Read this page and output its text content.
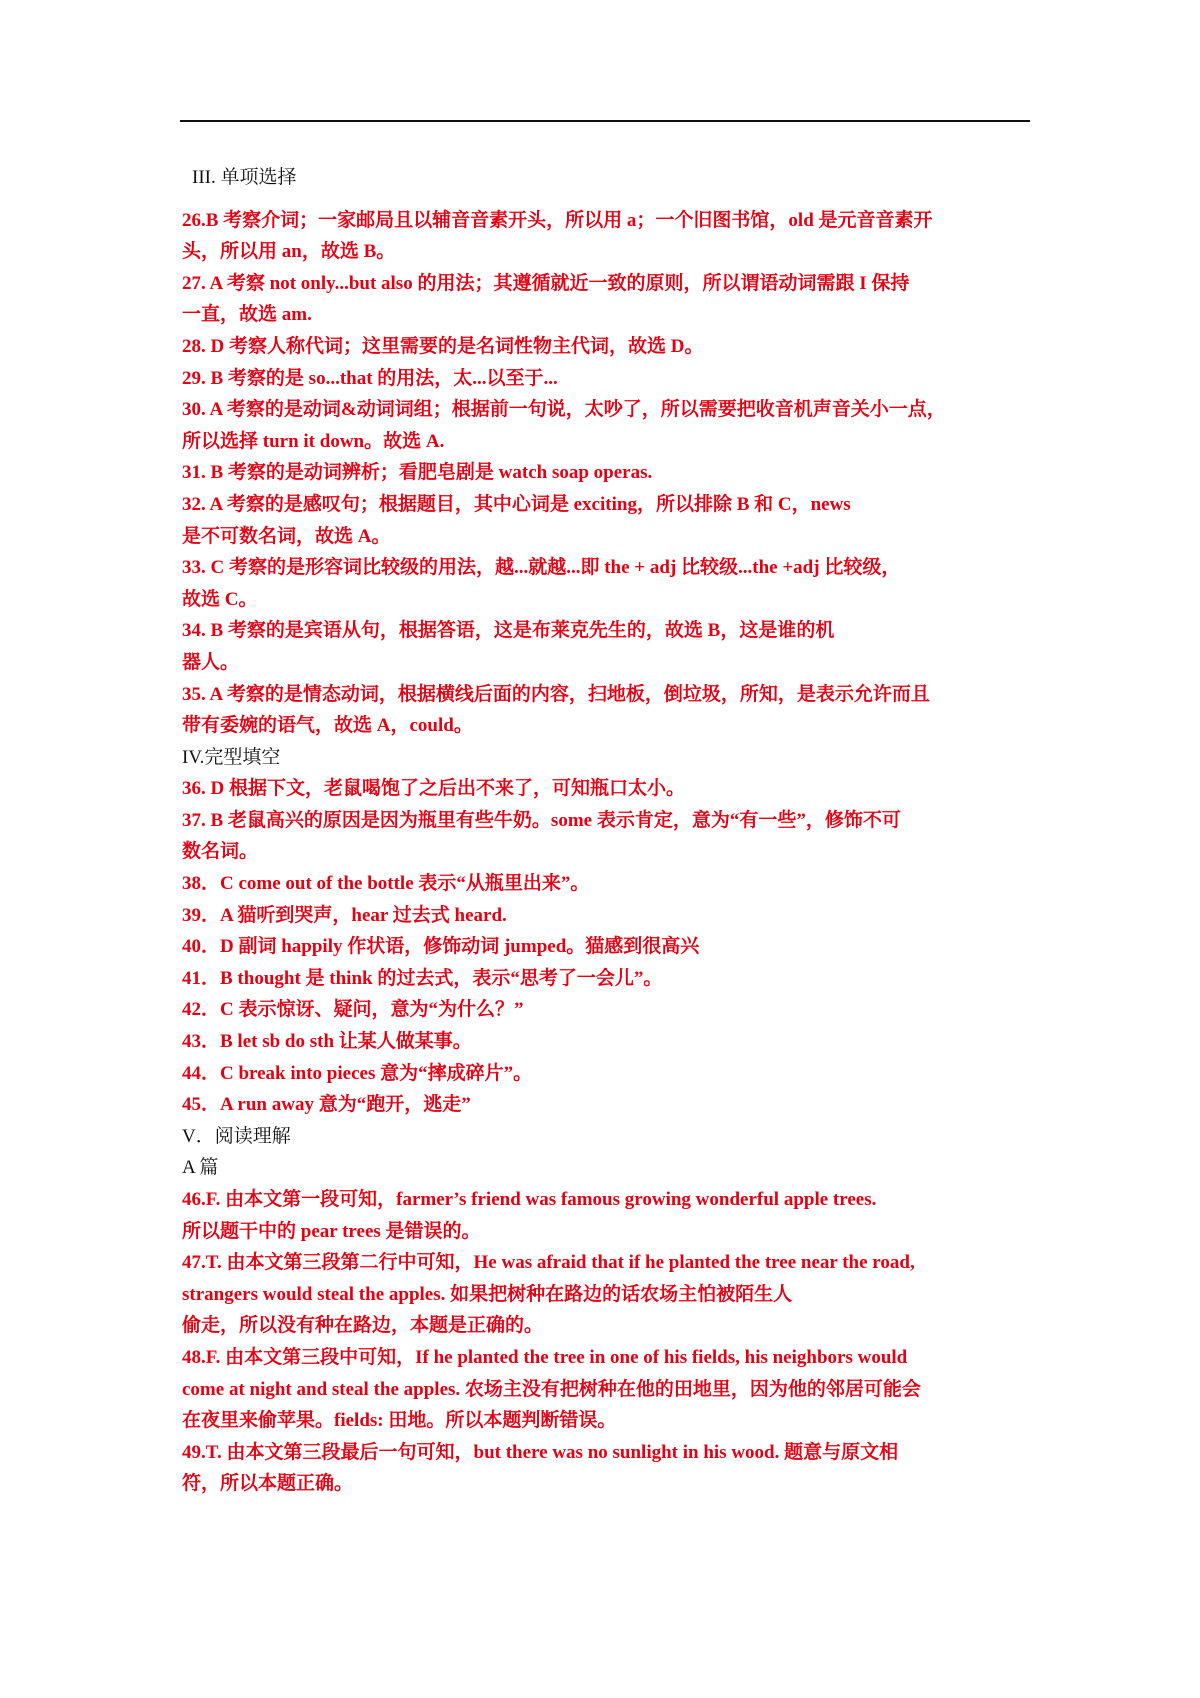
III. 单项选择

26.B 考察介词；一家邮局且以辅音音素开头，所以用 a；一个旧图书馆，old 是元音音素开

头，所以用 an，故选 B。

27. A 考察 not only...but also 的用法；其遵循就近一致的原则，所以谓语动词需跟 I 保持

一直，故选 am.

28. D 考察人称代词；这里需要的是名词性物主代词，故选 D。

29. B 考察的是 so...that 的用法，太...以至于...

30. A 考察的是动词&动词词组；根据前一句说，太吵了，所以需要把收音机声音关小一点，

所以选择 turn it down。故选 A.

31. B 考察的是动词辨析；看肥皂剧是 watch soap operas.

32. A 考察的是感叹句；根据题目，其中心词是 exciting，所以排除 B 和 C，news

是不可数名词，故选 A。

33. C 考察的是形容词比较级的用法，越...就越...即 the + adj 比较级...the +adj 比较级，

故选 C。

34. B 考察的是宾语从句，根据答语，这是布莱克先生的，故选 B，这是谁的机

器人。

35. A 考察的是情态动词，根据横线后面的内容，扫地板，倒垃圾，所知，是表示允许而且

带有委婉的语气，故选 A，could。

IV.完型填空

36. D 根据下文，老鼠喝饱了之后出不来了，可知瓶口太小。

37. B 老鼠高兴的原因是因为瓶里有些牛奶。some 表示肯定，意为“有一些”，修饰不可

数名词。

38．C come out of the bottle 表示“从瓶里出来”。

39．A 猫听到哭声，hear 过去式 heard.

40．D 副词 happily 作状语，修饰动词 jumped。猫感到很高兴

41．B thought 是 think 的过去式，表示“思考了一会儿”。

42．C 表示惊讶、疑问，意为“为什么？”

43．B let sb do sth 让某人做某事。

44．C break into pieces 意为“摔成碎片”。

45．A run away 意为“跑开，逃走”

V．阅读理解

A 篇

46.F. 由本文第一段可知，farmer’s friend was famous growing wonderful apple trees.

所以题干中的 pear trees 是错误的。

47.T. 由本文第三段第二行中可知，He was afraid that if he planted the tree near the road,

strangers would steal the apples. 如果把树种在路边的话农场主怕被陌生人

偷走，所以没有种在路边，本题是正确的。

48.F. 由本文第三段中可知，If he planted the tree in one of his fields, his neighbors would

come at night and steal the apples. 农场主没有把树种在他的田地里，因为他的邻居可能会

在夜里来偷苹果。fields: 田地。所以本题判断错误。

49.T. 由本文第三段最后一句可知，but there was no sunlight in his wood. 题意与原文相

符，所以本题正确。
